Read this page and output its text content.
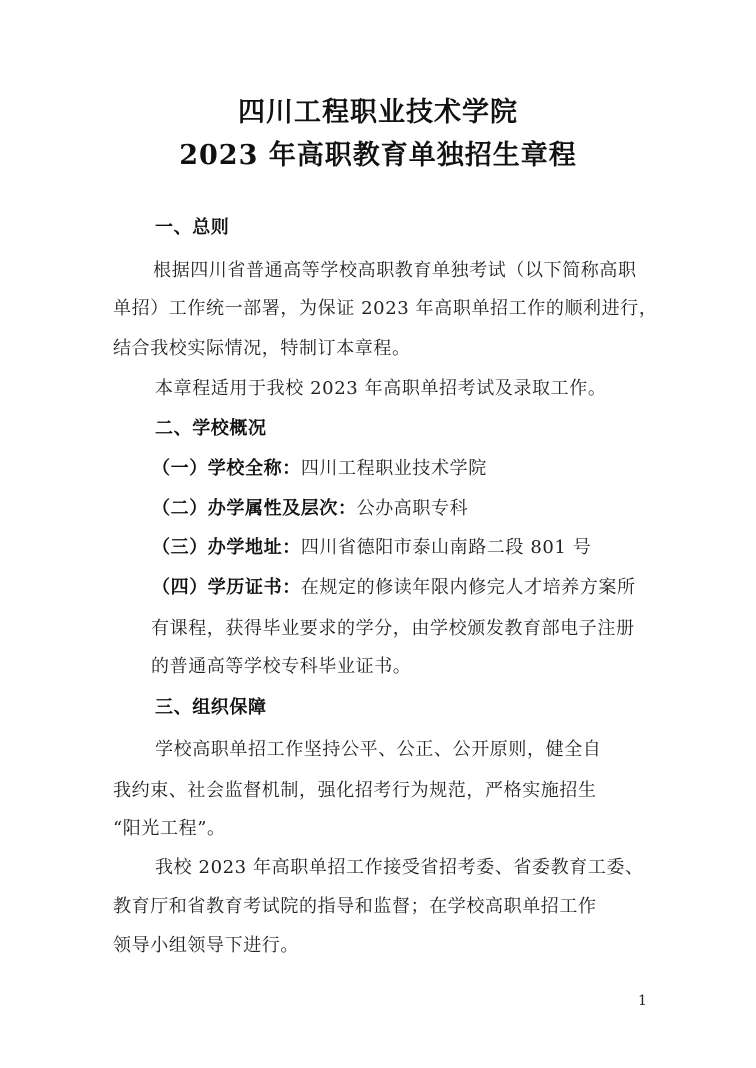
四川工程职业技术学院
2023 年高职教育单独招生章程
一、总则
根据四川省普通高等学校高职教育单独考试（以下简称高职
单招）工作统一部署，为保证 2023 年高职单招工作的顺利进行，
结合我校实际情况，特制订本章程。
本章程适用于我校 2023 年高职单招考试及录取工作。
二、学校概况
（一）学校全称：四川工程职业技术学院
（二）办学属性及层次：公办高职专科
（三）办学地址：四川省德阳市泰山南路二段 801 号
（四）学历证书：在规定的修读年限内修完人才培养方案所
有课程，获得毕业要求的学分，由学校颁发教育部电子注册
的普通高等学校专科毕业证书。
三、组织保障
学校高职单招工作坚持公平、公正、公开原则，健全自
我约束、社会监督机制，强化招考行为规范，严格实施招生
“阳光工程”。
我校 2023 年高职单招工作接受省招考委、省委教育工委、
教育厅和省教育考试院的指导和监督；在学校高职单招工作
领导小组领导下进行。
1
